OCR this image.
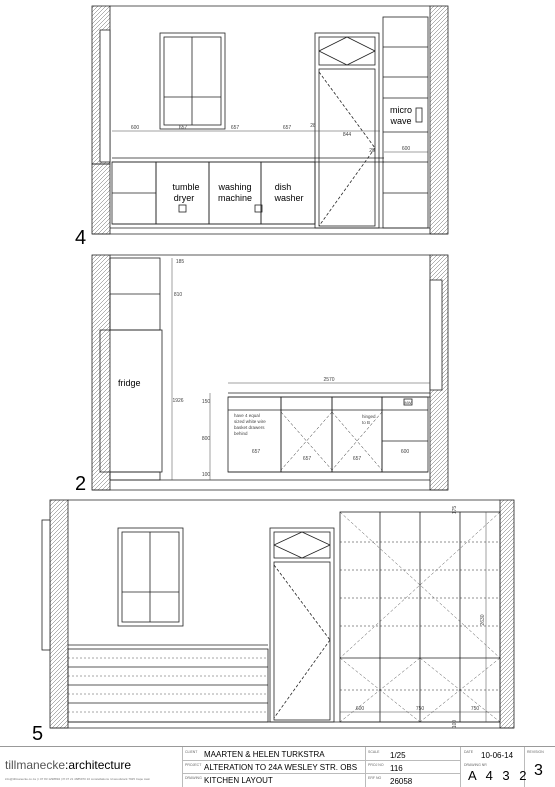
600	657	657	657	28
844
28	600
micro
wave
tumble
dryer
washing
machine
dish
washer
4
2570
657
657	657
600
810
1926	150
800
100
185
MW
have 4 equal
sized white wire
basket drawers
behind
hinged
to B
fridge
2
600	750	750
2630
100
175
5
tillmanecke:architecture
info@tillmanecke.co.za | t 07 83 1298894 | f/f 07 21 4685970 10 constellations rd woodstock 7925 Cape town
CLIENT MAARTEN & HELEN TURKSTRA
PROJECT ALTERATION TO 24A WESLEY STR. OBS
DRAWING KITCHEN LAYOUT
SCALE 1/25
PROJ NO 116
ERF NO 26058
DATE 10-06-14
DRAWING NR
A 4 3 2
REVISION
3
